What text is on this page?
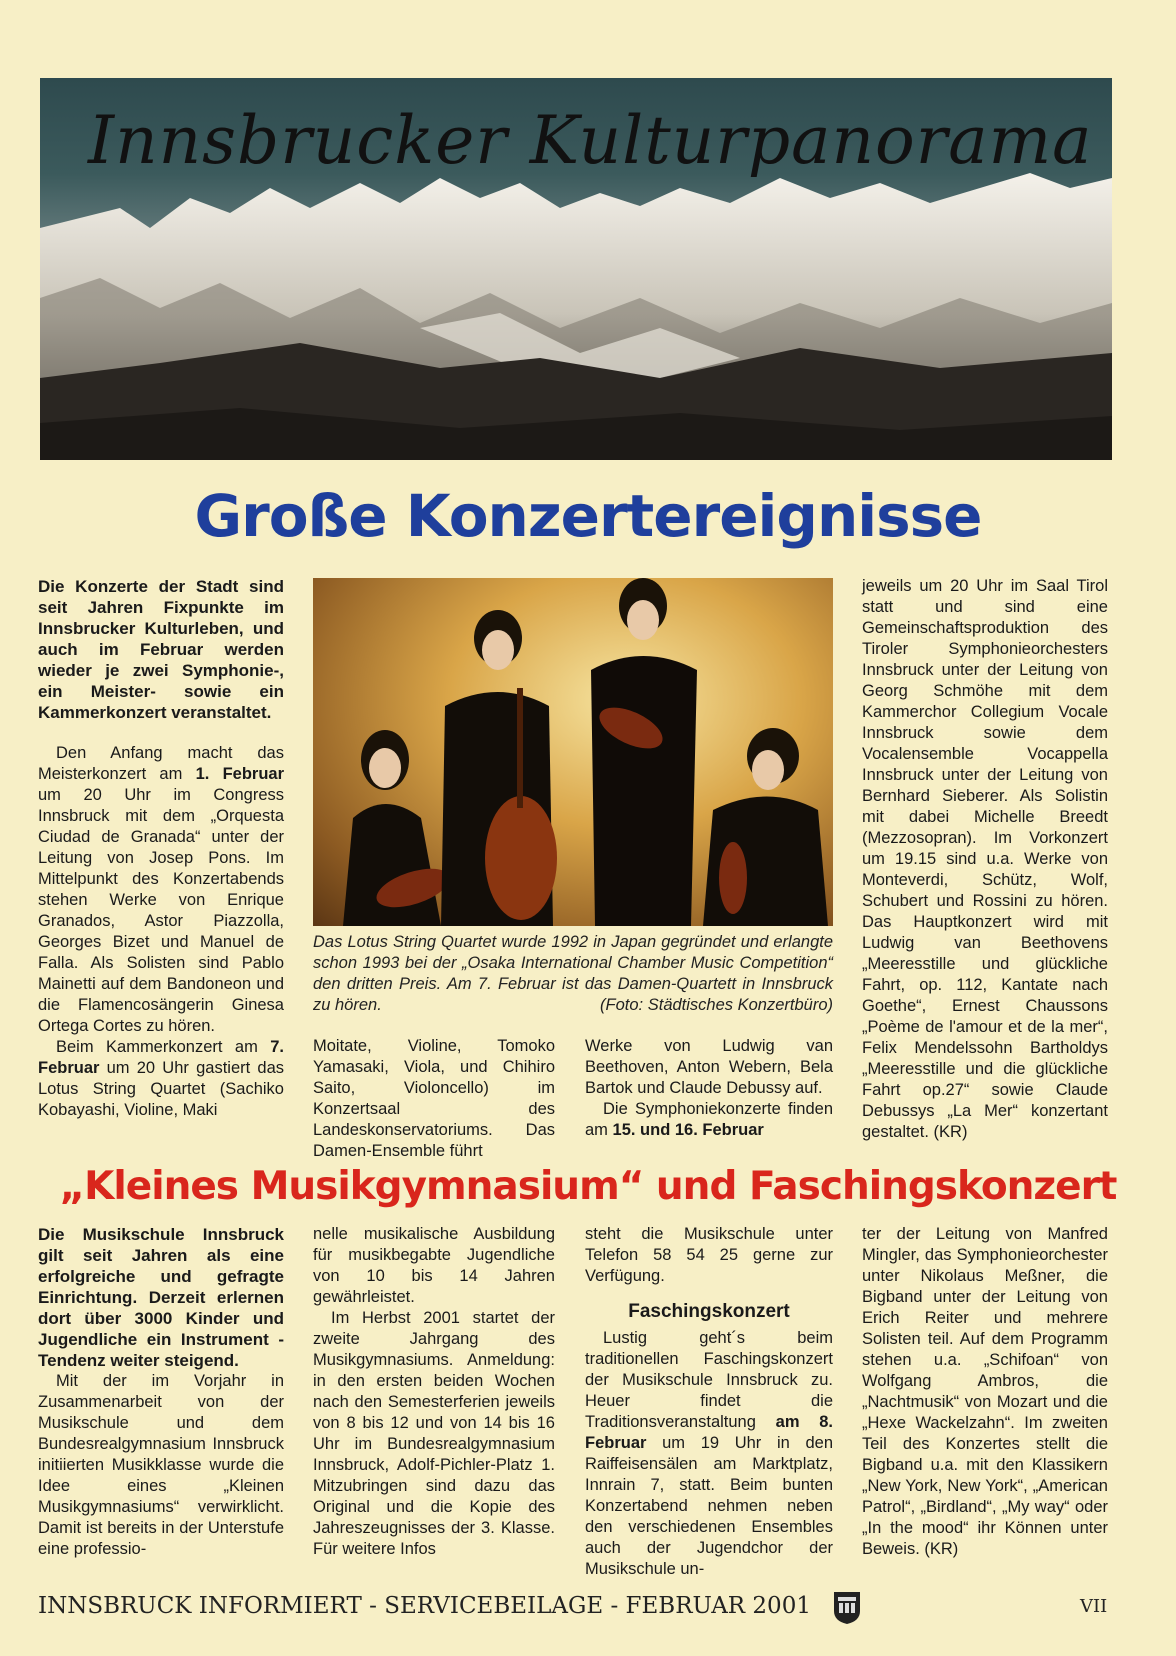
Innsbrucker Kulturpanorama
Große Konzertereignisse

Die Konzerte der Stadt sind seit Jahren Fixpunkte im Innsbrucker Kulturleben, und auch im Februar werden wieder je zwei Symphonie-, ein Meister- sowie ein Kammerkonzert veranstaltet.

Den Anfang macht das Meisterkonzert am 1. Februar um 20 Uhr im Congress Innsbruck mit dem „Orquesta Ciudad de Granada“ unter der Leitung von Josep Pons. Im Mittelpunkt des Konzertabends stehen Werke von Enrique Granados, Astor Piazzolla, Georges Bizet und Manuel de Falla. Als Solisten sind Pablo Mainetti auf dem Bandoneon und die Flamencosängerin Ginesa Ortega Cortes zu hören.

Beim Kammerkonzert am 7. Februar um 20 Uhr gastiert das Lotus String Quartet (Sachiko Kobayashi, Violine, Maki

Das Lotus String Quartet wurde 1992 in Japan gegründet und erlangte schon 1993 bei der „Osaka International Chamber Music Competition“ den dritten Preis. Am 7. Februar ist das Damen-Quartett in Innsbruck zu hören.	(Foto: Städtisches Konzertbüro)

Moitate, Violine, Tomoko Yamasaki, Viola, und Chihiro Saito, Violoncello) im Konzertsaal des Landeskonservatoriums. Das Damen-Ensemble führt

Werke von Ludwig van Beethoven, Anton Webern, Bela Bartok und Claude Debussy auf.

Die Symphoniekonzerte finden am 15. und 16. Februar

jeweils um 20 Uhr im Saal Tirol statt und sind eine Gemeinschaftsproduktion des Tiroler Symphonieorchesters Innsbruck unter der Leitung von Georg Schmöhe mit dem Kammerchor Collegium Vocale Innsbruck sowie dem Vocalensemble Vocappella Innsbruck unter der Leitung von Bernhard Sieberer. Als Solistin mit dabei Michelle Breedt (Mezzosopran). Im Vorkonzert um 19.15 sind u.a. Werke von Monteverdi, Schütz, Wolf, Schubert und Rossini zu hören. Das Hauptkonzert wird mit Ludwig van Beethovens „Meeresstille und glückliche Fahrt, op. 112, Kantate nach Goethe“, Ernest Chaussons „Poème de l'amour et de la mer“, Felix Mendelssohn Bartholdys „Meeresstille und die glückliche Fahrt op.27“ sowie Claude Debussys „La Mer“ konzertant gestaltet. (KR)

„Kleines Musikgymnasium“ und Faschingskonzert

Die Musikschule Innsbruck gilt seit Jahren als eine erfolgreiche und gefragte Einrichtung. Derzeit erlernen dort über 3000 Kinder und Jugendliche ein Instrument - Tendenz weiter steigend.

Mit der im Vorjahr in Zusammenarbeit von der Musikschule und dem Bundesrealgymnasium Innsbruck initiierten Musikklasse wurde die Idee eines „Kleinen Musikgymnasiums“ verwirklicht. Damit ist bereits in der Unterstufe eine professio-

nelle musikalische Ausbildung für musikbegabte Jugendliche von 10 bis 14 Jahren gewährleistet.

Im Herbst 2001 startet der zweite Jahrgang des Musikgymnasiums. Anmeldung: in den ersten beiden Wochen nach den Semesterferien jeweils von 8 bis 12 und von 14 bis 16 Uhr im Bundesrealgymnasium Innsbruck, Adolf-Pichler-Platz 1. Mitzubringen sind dazu das Original und die Kopie des Jahreszeugnisses der 3. Klasse. Für weitere Infos

steht die Musikschule unter Telefon 58 54 25 gerne zur Verfügung.

Faschingskonzert

Lustig geht´s beim traditionellen Faschingskonzert der Musikschule Innsbruck zu. Heuer findet die Traditionsveranstaltung am 8. Februar um 19 Uhr in den Raiffeisensälen am Marktplatz, Innrain 7, statt. Beim bunten Konzertabend nehmen neben den verschiedenen Ensembles auch der Jugendchor der Musikschule un-

ter der Leitung von Manfred Mingler, das Symphonieorchester unter Nikolaus Meßner, die Bigband unter der Leitung von Erich Reiter und mehrere Solisten teil. Auf dem Programm stehen u.a. „Schifoan“ von Wolfgang Ambros, die „Nachtmusik“ von Mozart und die „Hexe Wackelzahn“. Im zweiten Teil des Konzertes stellt die Bigband u.a. mit den Klassikern „New York, New York“, „American Patrol“, „Birdland“, „My way“ oder „In the mood“ ihr Können unter Beweis. (KR)

INNSBRUCK INFORMIERT - SERVICEBEILAGE - FEBRUAR 2001	VII
